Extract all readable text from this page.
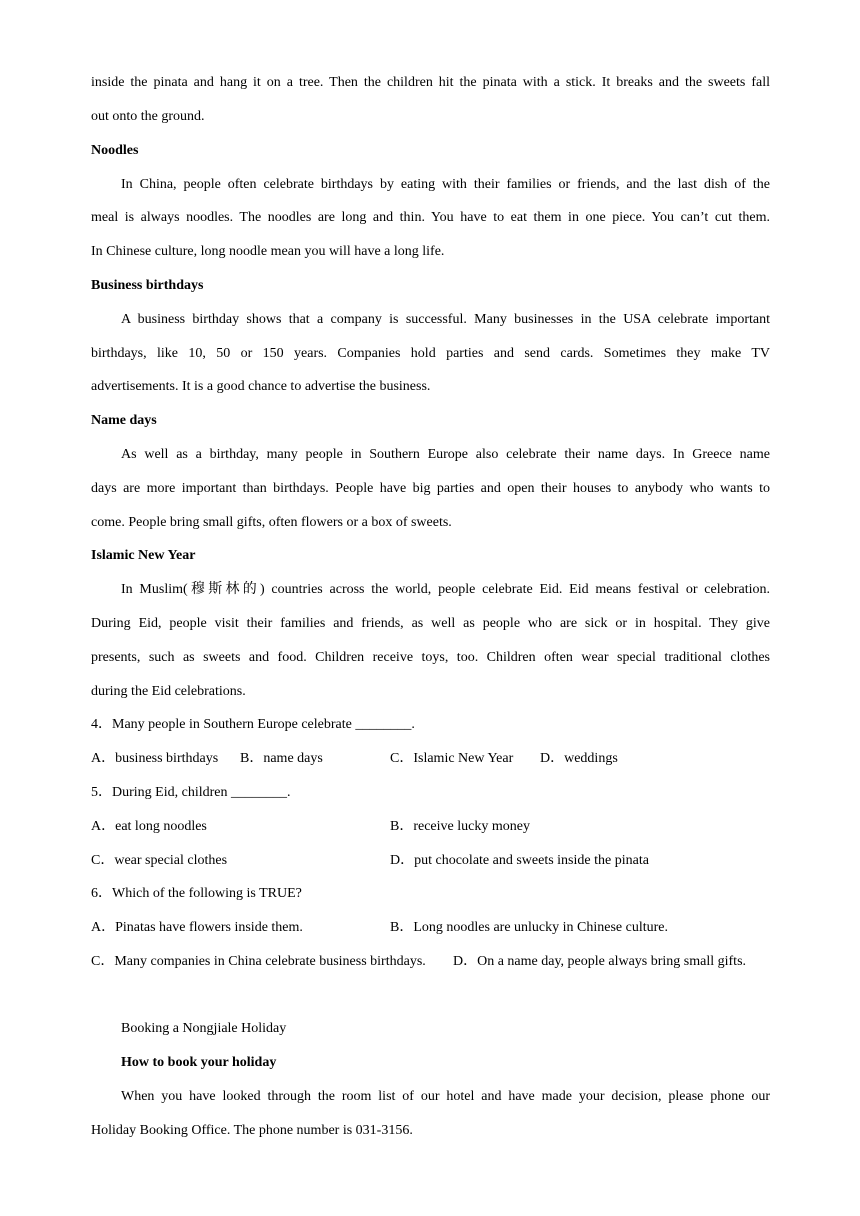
inside the pinata and hang it on a tree. Then the children hit the pinata with a stick. It breaks and the sweets fall

out onto the ground.

Noodles

In China, people often celebrate birthdays by eating with their families or friends, and the last dish of the

meal is always noodles. The noodles are long and thin. You have to eat them in one piece. You can’t cut them.

In Chinese culture, long noodle mean you will have a long life.

Business birthdays

A business birthday shows that a company is successful. Many businesses in the USA celebrate important

birthdays, like 10, 50 or 150 years. Companies hold parties and send cards. Sometimes they make TV

advertisements. It is a good chance to advertise the business.

Name days

As well as a birthday, many people in Southern Europe also celebrate their name days. In Greece name

days are more important than birthdays. People have big parties and open their houses to anybody who wants to

come. People bring small gifts, often flowers or a box of sweets.

Islamic New Year

In Muslim(穆斯林的) countries across the world, people celebrate Eid. Eid means festival or celebration.

During Eid, people visit their families and friends, as well as people who are sick or in hospital. They give

presents, such as sweets and food. Children receive toys, too. Children often wear special traditional clothes

during the Eid celebrations.

4．Many people in Southern Europe celebrate ________.

A．business birthdays B．name days	C．Islamic New Year D．weddings

5．During Eid, children ________.

A．eat long noodles	B．receive lucky money
C．wear special clothes	D．put chocolate and sweets inside the pinata

6．Which of the following is TRUE?

A．Pinatas have flowers inside them.	B．Long noodles are unlucky in Chinese culture.
C．Many companies in China celebrate business birthdays. D．On a name day, people always bring small gifts.

Booking a Nongjiale Holiday

How to book your holiday

When you have looked through the room list of our hotel and have made your decision, please phone our

Holiday Booking Office. The phone number is 031-3156.
